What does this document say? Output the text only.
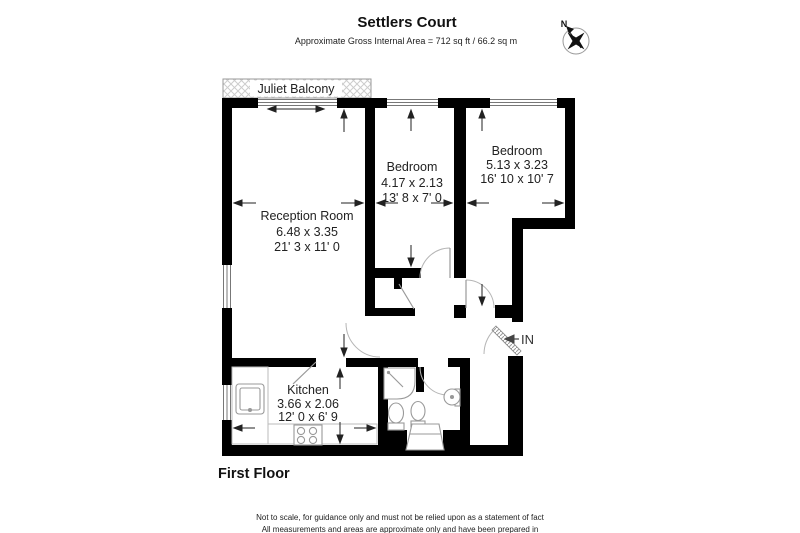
N
Settlers Court
Approximate Gross Internal Area = 712 sq ft / 66.2 sq m
Juliet Balcony
Reception Room
6.48 x 3.35
21' 3 x 11' 0
Bedroom
4.17 x 2.13
13' 8 x 7' 0
Bedroom
5.13 x 3.23
16' 10 x 10' 7
Kitchen
3.66 x 2.06
12' 0 x 6' 9
IN
First Floor
Not to scale, for guidance only and must not be relied upon as a statement of fact
All measurements and areas are approximate only and have been prepared in
